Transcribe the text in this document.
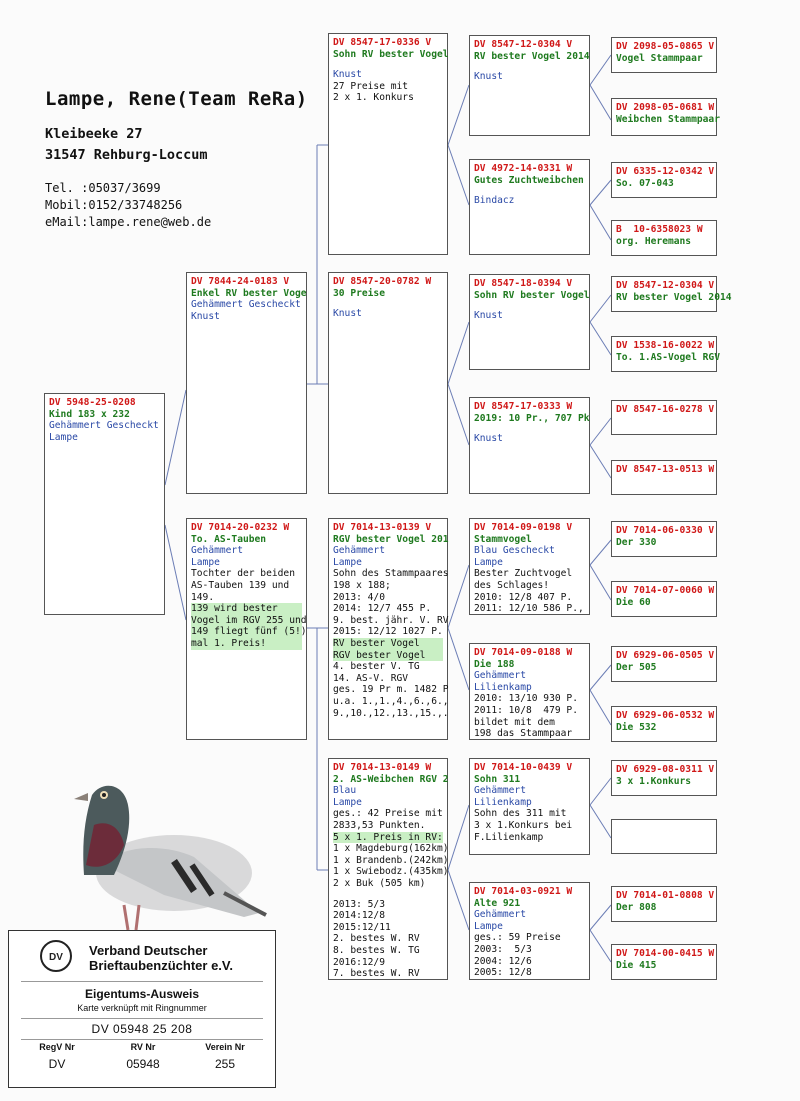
Lampe, Rene(Team ReRa)
Kleibeeke 27
31547 Rehburg-Loccum
Tel. :05037/3699
Mobil:0152/33748256
eMail:lampe.rene@web.de
DV 5948-25-0208
Kind 183 x 232
Gehämmert Gescheckt
Lampe
DV 7844-24-0183 V
Enkel RV bester Voge
Gehämmert Gescheckt
Knust
DV 7014-20-0232 W
To. AS-Tauben
Gehämmert
Lampe
Tochter der beiden
AS-Tauben 139 und
149.
139 wird bester
Vogel im RGV 255 und
149 fliegt fünf (5!)
mal 1. Preis!
DV 8547-17-0336 V
Sohn RV bester Vogel
Knust
27 Preise mit
2 x 1. Konkurs
DV 8547-20-0782 W
30 Preise
Knust
DV 7014-13-0139 V
RGV bester Vogel 201
Gehämmert
Lampe
Sohn des Stammpaares
198 x 188;
2013: 4/0
2014: 12/7 455 P.
9. best. jähr. V. RV
2015: 12/12 1027 P.
RV bester Vogel
RGV bester Vogel
4. bester V. TG
14. AS-V. RGV
ges. 19 Pr m. 1482 P
u.a. 1.,1.,4.,6.,6.,
9.,10.,12.,13.,15.,.
DV 7014-13-0149 W
2. AS-Weibchen RGV 2
Blau
Lampe
ges.: 42 Preise mit
2833,53 Punkten.
5 x 1. Preis in RV:
1 x Magdeburg(162km)
1 x Brandenb.(242km)
1 x Swiebodz.(435km)
2 x Buk (505 km)
2013: 5/3
2014:12/8
2015:12/11
2. bestes W. RV
8. bestes W. TG
2016:12/9
7. bestes W. RV
DV 8547-12-0304 V
RV bester Vogel 2014
Knust
DV 4972-14-0331 W
Gutes Zuchtweibchen
Bindacz
DV 8547-18-0394 V
Sohn RV bester Vogel
Knust
DV 8547-17-0333 W
2019: 10 Pr., 707 Pk
Knust
DV 7014-09-0198 V
Stammvogel
Blau Gescheckt
Lampe
Bester Zuchtvogel
des Schlages!
2010: 12/8 407 P.
2011: 12/10 586 P.,
DV 7014-09-0188 W
Die 188
Gehämmert
Lilienkamp
2010: 13/10 930 P.
2011: 10/8  479 P.
bildet mit dem
198 das Stammpaar
DV 7014-10-0439 V
Sohn 311
Gehämmert
Lilienkamp
Sohn des 311 mit
3 x 1.Konkurs bei
F.Lilienkamp
DV 7014-03-0921 W
Alte 921
Gehämmert
Lampe
ges.: 59 Preise
2003:  5/3
2004: 12/6
2005: 12/8
DV 2098-05-0865 V
Vogel Stammpaar
DV 2098-05-0681 W
Weibchen Stammpaar
DV 6335-12-0342 V
So. 07-043
B  10-6358023 W
org. Heremans
DV 8547-12-0304 V
RV bester Vogel 2014
DV 1538-16-0022 W
To. 1.AS-Vogel RGV
DV 8547-16-0278 V
DV 8547-13-0513 W
DV 7014-06-0330 V
Der 330
DV 7014-07-0060 W
Die 60
DV 6929-06-0505 V
Der 505
DV 6929-06-0532 W
Die 532
DV 6929-08-0311 V
3 x 1.Konkurs
DV 7014-01-0808 V
Der 808
DV 7014-00-0415 W
Die 415
DV Verband Deutscher
Brieftaubenzüchter e.V.
Eigentums-Ausweis
Karte verknüpft mit Ringnummer
DV 05948 25 208
RegV Nr	RV Nr	Verein Nr
DV	05948	255
